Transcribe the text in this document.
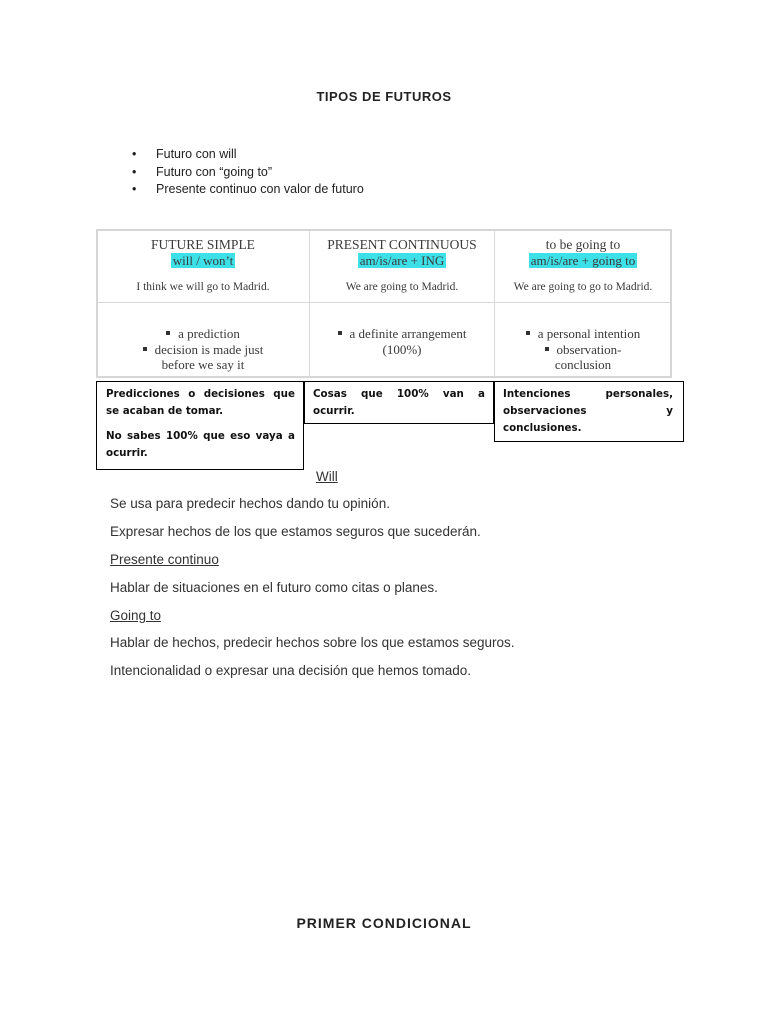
TIPOS DE FUTUROS
• Futuro con will
• Futuro con “going to”
• Presente continuo con valor de futuro
FUTURE SIMPLE
will / won’t
I think we will go to Madrid.
a prediction
decision is made just
before we say it
PRESENT CONTINUOUS
am/is/are + ING
We are going to Madrid.
a definite arrangement
(100%)
to be going to
am/is/are + going to
We are going to go to Madrid.
a personal intention
observation-
conclusion

Predicciones o decisiones que se acaban de tomar.

No sabes 100% que eso vaya a ocurrir.

Cosas que 100% van a ocurrir.

Intenciones personales, observaciones y conclusiones.

Will
Se usa para predecir hechos dando tu opinión.
Expresar hechos de los que estamos seguros que sucederán.
Presente continuo
Hablar de situaciones en el futuro como citas o planes.
Going to
Hablar de hechos, predecir hechos sobre los que estamos seguros.
Intencionalidad o expresar una decisión que hemos tomado.
PRIMER CONDICIONAL
